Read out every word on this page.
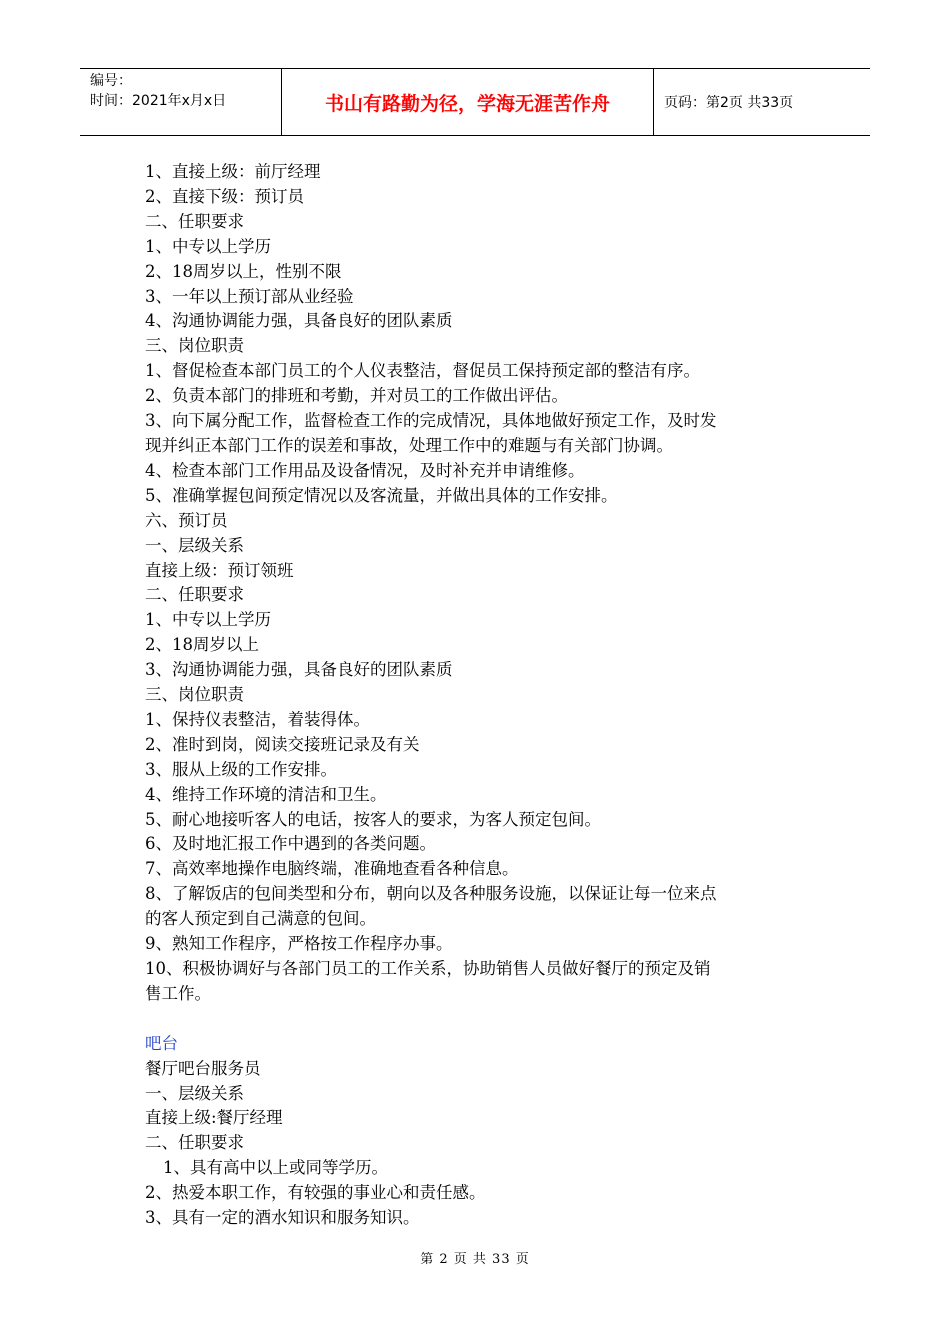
编号：
时间：2021年x月x日	书山有路勤为径，学海无涯苦作舟	页码：第2页 共33页
1、直接上级：前厅经理
2、直接下级：预订员
二、任职要求
1、中专以上学历
2、18周岁以上，性别不限
3、一年以上预订部从业经验
4、沟通协调能力强，具备良好的团队素质
三、岗位职责
1、督促检查本部门员工的个人仪表整洁，督促员工保持预定部的整洁有序。
2、负责本部门的排班和考勤，并对员工的工作做出评估。
3、向下属分配工作，监督检查工作的完成情况，具体地做好预定工作，及时发
现并纠正本部门工作的误差和事故，处理工作中的难题与有关部门协调。
4、检查本部门工作用品及设备情况，及时补充并申请维修。
5、准确掌握包间预定情况以及客流量，并做出具体的工作安排。
六、预订员
一、层级关系
直接上级：预订领班
二、任职要求
1、中专以上学历
2、18周岁以上
3、沟通协调能力强，具备良好的团队素质
三、岗位职责
1、保持仪表整洁，着装得体。
2、准时到岗，阅读交接班记录及有关
3、服从上级的工作安排。
4、维持工作环境的清洁和卫生。
5、耐心地接听客人的电话，按客人的要求，为客人预定包间。
6、及时地汇报工作中遇到的各类问题。
7、高效率地操作电脑终端，准确地查看各种信息。
8、了解饭店的包间类型和分布，朝向以及各种服务设施，以保证让每一位来点
的客人预定到自己满意的包间。
9、熟知工作程序，严格按工作程序办事。
10、积极协调好与各部门员工的工作关系，协助销售人员做好餐厅的预定及销
售工作。
吧台
餐厅吧台服务员
一、层级关系
直接上级:餐厅经理
二、任职要求
1、具有高中以上或同等学历。
2、热爱本职工作，有较强的事业心和责任感。
3、具有一定的酒水知识和服务知识。
第 2 页 共 33 页
